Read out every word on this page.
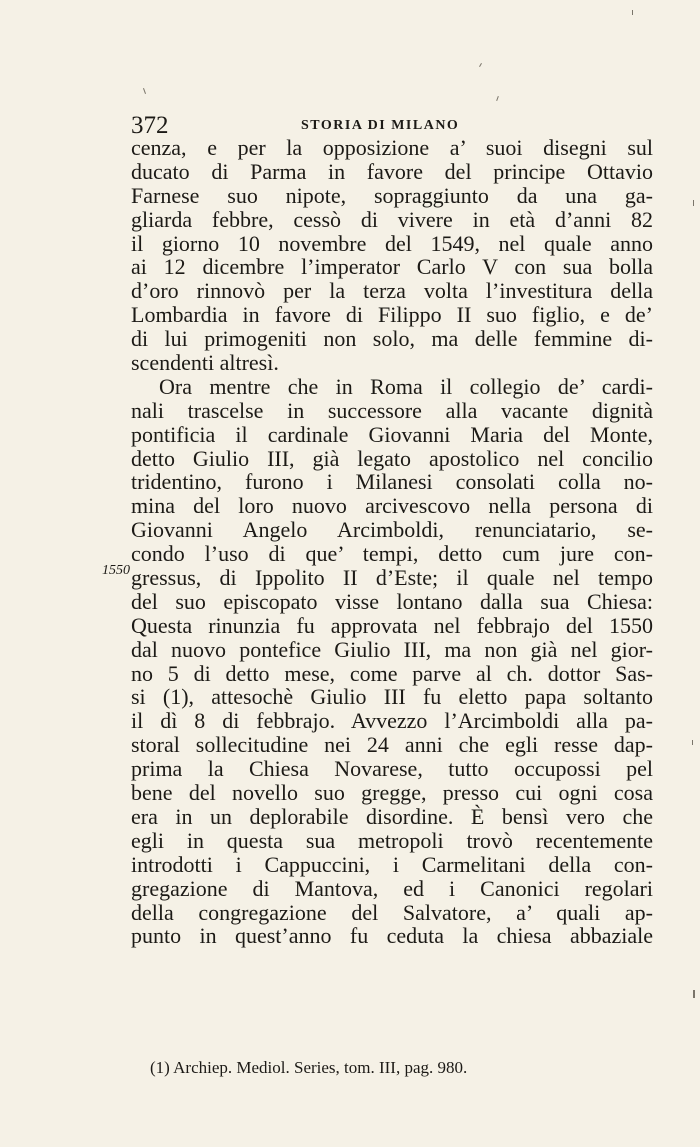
372	STORIA DI MILANO
1550
cenza, e per la opposizione a’ suoi disegni sul
ducato di Parma in favore del principe Ottavio
Farnese suo nipote, sopraggiunto da una ga-
gliarda febbre, cessò di vivere in età d’anni 82
il giorno 10 novembre del 1549, nel quale anno
ai 12 dicembre l’imperator Carlo V con sua bolla
d’oro rinnovò per la terza volta l’investitura della
Lombardia in favore di Filippo II suo figlio, e de’
di lui primogeniti non solo, ma delle femmine di-
scendenti altresì.
Ora mentre che in Roma il collegio de’ cardi-
nali trascelse in successore alla vacante dignità
pontificia il cardinale Giovanni Maria del Monte,
detto Giulio III, già legato apostolico nel concilio
tridentino, furono i Milanesi consolati colla no-
mina del loro nuovo arcivescovo nella persona di
Giovanni Angelo Arcimboldi, renunciatario, se-
condo l’uso di que’ tempi, detto cum jure con-
gressus, di Ippolito II d’Este; il quale nel tempo
del suo episcopato visse lontano dalla sua Chiesa:
Questa rinunzia fu approvata nel febbrajo del 1550
dal nuovo pontefice Giulio III, ma non già nel gior-
no 5 di detto mese, come parve al ch. dottor Sas-
si (1), attesochè Giulio III fu eletto papa soltanto
il dì 8 di febbrajo. Avvezzo l’Arcimboldi alla pa-
storal sollecitudine nei 24 anni che egli resse dap-
prima la Chiesa Novarese, tutto occupossi pel
bene del novello suo gregge, presso cui ogni cosa
era in un deplorabile disordine. È bensì vero che
egli in questa sua metropoli trovò recentemente
introdotti i Cappuccini, i Carmelitani della con-
gregazione di Mantova, ed i Canonici regolari
della congregazione del Salvatore, a’ quali ap-
punto in quest’anno fu ceduta la chiesa abbaziale
(1) Archiep. Mediol. Series, tom. III, pag. 980.
